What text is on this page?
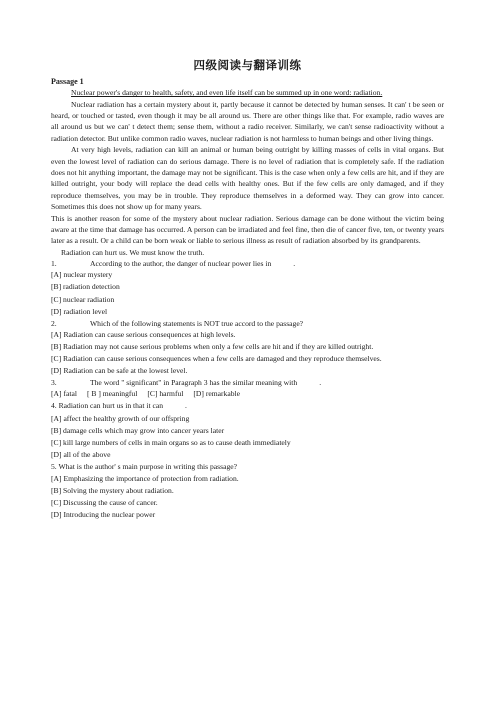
四级阅读与翻译训练
Passage 1

Nuclear power's danger to health, safety, and even life itself can be summed up in one word: radiation.

Nuclear radiation has a certain mystery about it, partly because it cannot be detected by human senses. It can' t be seen or heard, or touched or tasted, even though it may be all around us. There are other things like that. For example, radio waves are all around us but we can' t detect them; sense them, without a radio receiver. Similarly, we can't sense radioactivity without a radiation detector. But unlike common radio waves, nuclear radiation is not harmless to human beings and other living things.

At very high levels, radiation can kill an animal or human being outright by killing masses of cells in vital organs. But even the lowest level of radiation can do serious damage. There is no level of radiation that is completely safe. If the radiation does not hit anything important, the damage may not be significant. This is the case when only a few cells are hit, and if they are killed outright, your body will replace the dead cells with healthy ones. But if the few cells are only damaged, and if they reproduce themselves, you may be in trouble. They reproduce themselves in a deformed way. They can grow into cancer. Sometimes this does not show up for many years.

This is another reason for some of the mystery about nuclear radiation. Serious damage can be done without the victim being aware at the time that damage has occurred. A person can be irradiated and feel fine, then die of cancer five, ten, or twenty years later as a result. Or a child can be born weak or liable to serious illness as result of radiation absorbed by its grandparents.

Radiation can hurt us. We must know the truth.

1.	According to the author, the danger of nuclear power lies in	.

[A] nuclear mystery

[B] radiation detection

[C] nuclear radiation

[D] radiation level

2.	Which of the following statements is NOT true accord to the passage?

[A] Radiation can cause serious consequences at high levels.

[B] Radiation may not cause serious problems when only a few cells are hit and if they are killed outright.

[C] Radiation can cause serious consequences when a few cells are damaged and they reproduce themselves.

[D] Radiation can be safe at the lowest level.

3.	The word " significant" in Paragraph 3 has the similar meaning with	.

[A] fatal [ B ] meaningful [C] harmful [D] remarkable

4. Radiation can hurt us in that it can	.

[A] affect the healthy growth of our offspring

[B] damage cells which may grow into cancer years later

[C] kill large numbers of cells in main organs so as to cause death immediately

[D] all of the above

5. What is the author' s main purpose in writing this passage?

[A] Emphasizing the importance of protection from radiation.

[B] Solving the mystery about radiation.

[C] Discussing the cause of cancer.

[D] Introducing the nuclear power
